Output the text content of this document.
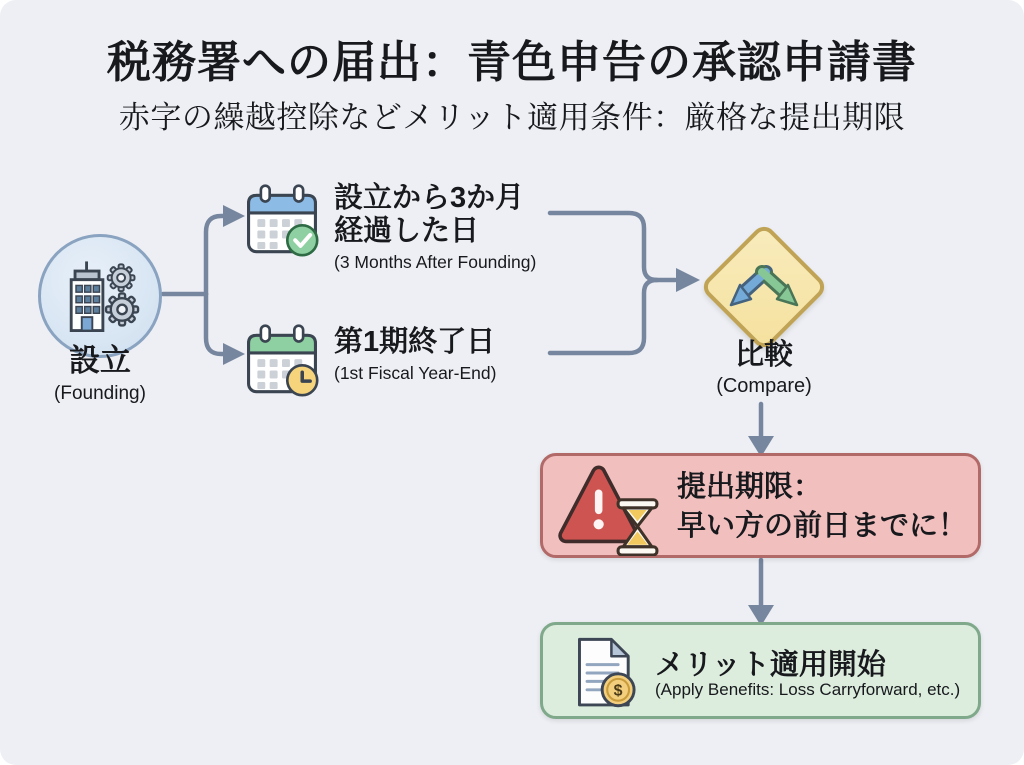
税務署への届出：青色申告の承認申請書
赤字の繰越控除などメリット適用条件：厳格な提出期限
設立
(Founding)
設立から3か月
経過した日
(3 Months After Founding)
第1期終了日
(1st Fiscal Year-End)
比較
(Compare)
提出期限：
早い方の前日までに！
$
メリット適用開始
(Apply Benefits: Loss Carryforward, etc.)
